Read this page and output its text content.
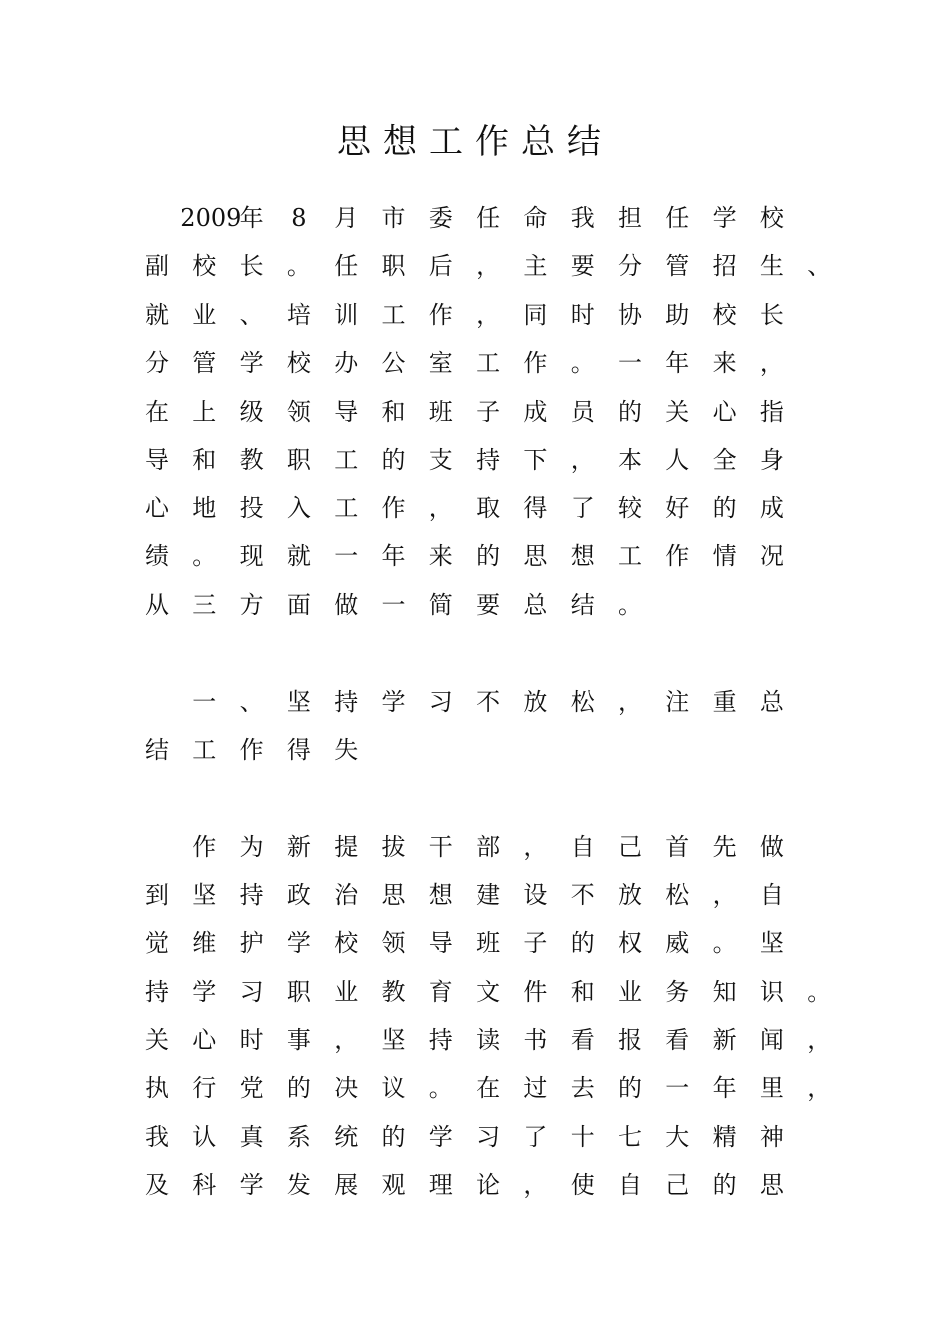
思想工作总结
2009
年	8	月 市 委 任 命 我 担 任 学 校
副 校 长 。 任 职 后 ， 主 要 分 管 招 生 、
就 业 、 培 训 工 作 ， 同 时 协 助 校 长
分 管 学 校 办 公 室 工 作 。 一 年 来 ，
在 上 级 领 导 和 班 子 成 员 的 关 心 指
导 和 教 职 工 的 支 持 下 ， 本 人 全 身
心 地 投 入 工 作 ， 取 得 了 较 好 的 成
绩 。 现 就 一 年 来 的 思 想 工 作 情 况
从 三 方 面 做 一 简 要 总 结 。
一 、 坚 持 学 习 不 放 松 ， 注 重 总
结 工 作 得 失
作 为 新 提 拔 干 部 ， 自 己 首 先 做
到 坚 持 政 治 思 想 建 设 不 放 松 ， 自
觉 维 护 学 校 领 导 班 子 的 权 威 。 坚
持 学 习 职 业 教 育 文 件 和 业 务 知 识 。
关 心 时 事 ， 坚 持 读 书 看 报 看 新 闻 ，
执 行 党 的 决 议 。 在 过 去 的 一 年 里 ，
我 认 真 系 统 的 学 习 了 十 七 大 精 神
及 科 学 发 展 观 理 论 ， 使 自 己 的 思
